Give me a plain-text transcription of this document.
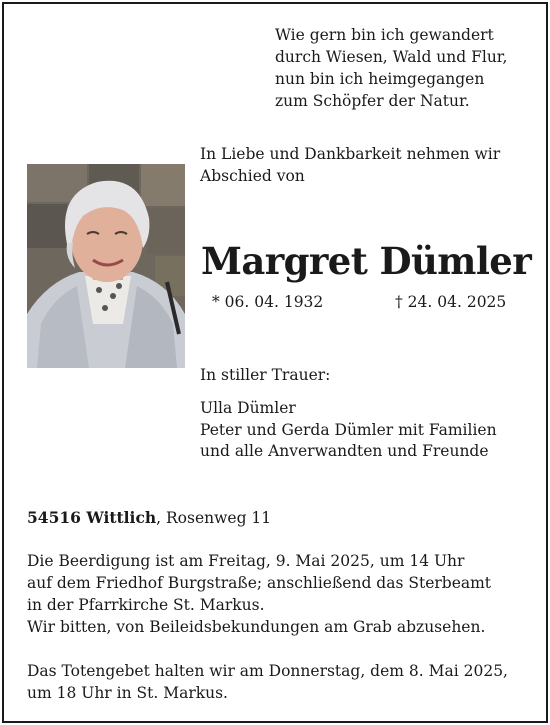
Wie gern bin ich gewandert
durch Wiesen, Wald und Flur,
nun bin ich heimgegangen
zum Schöpfer der Natur.
In Liebe und Dankbarkeit nehmen wir
Abschied von
Margret Dümler
* 06. 04. 1932	† 24. 04. 2025
In stiller Trauer:
Ulla Dümler
Peter und Gerda Dümler mit Familien
und alle Anverwandten und Freunde
54516 Wittlich, Rosenweg 11
Die Beerdigung ist am Freitag, 9. Mai 2025, um 14 Uhr
auf dem Friedhof Burgstraße; anschließend das Sterbeamt
in der Pfarrkirche St. Markus.
Wir bitten, von Beileidsbekundungen am Grab abzusehen.
Das Totengebet halten wir am Donnerstag, dem 8. Mai 2025,
um 18 Uhr in St. Markus.
